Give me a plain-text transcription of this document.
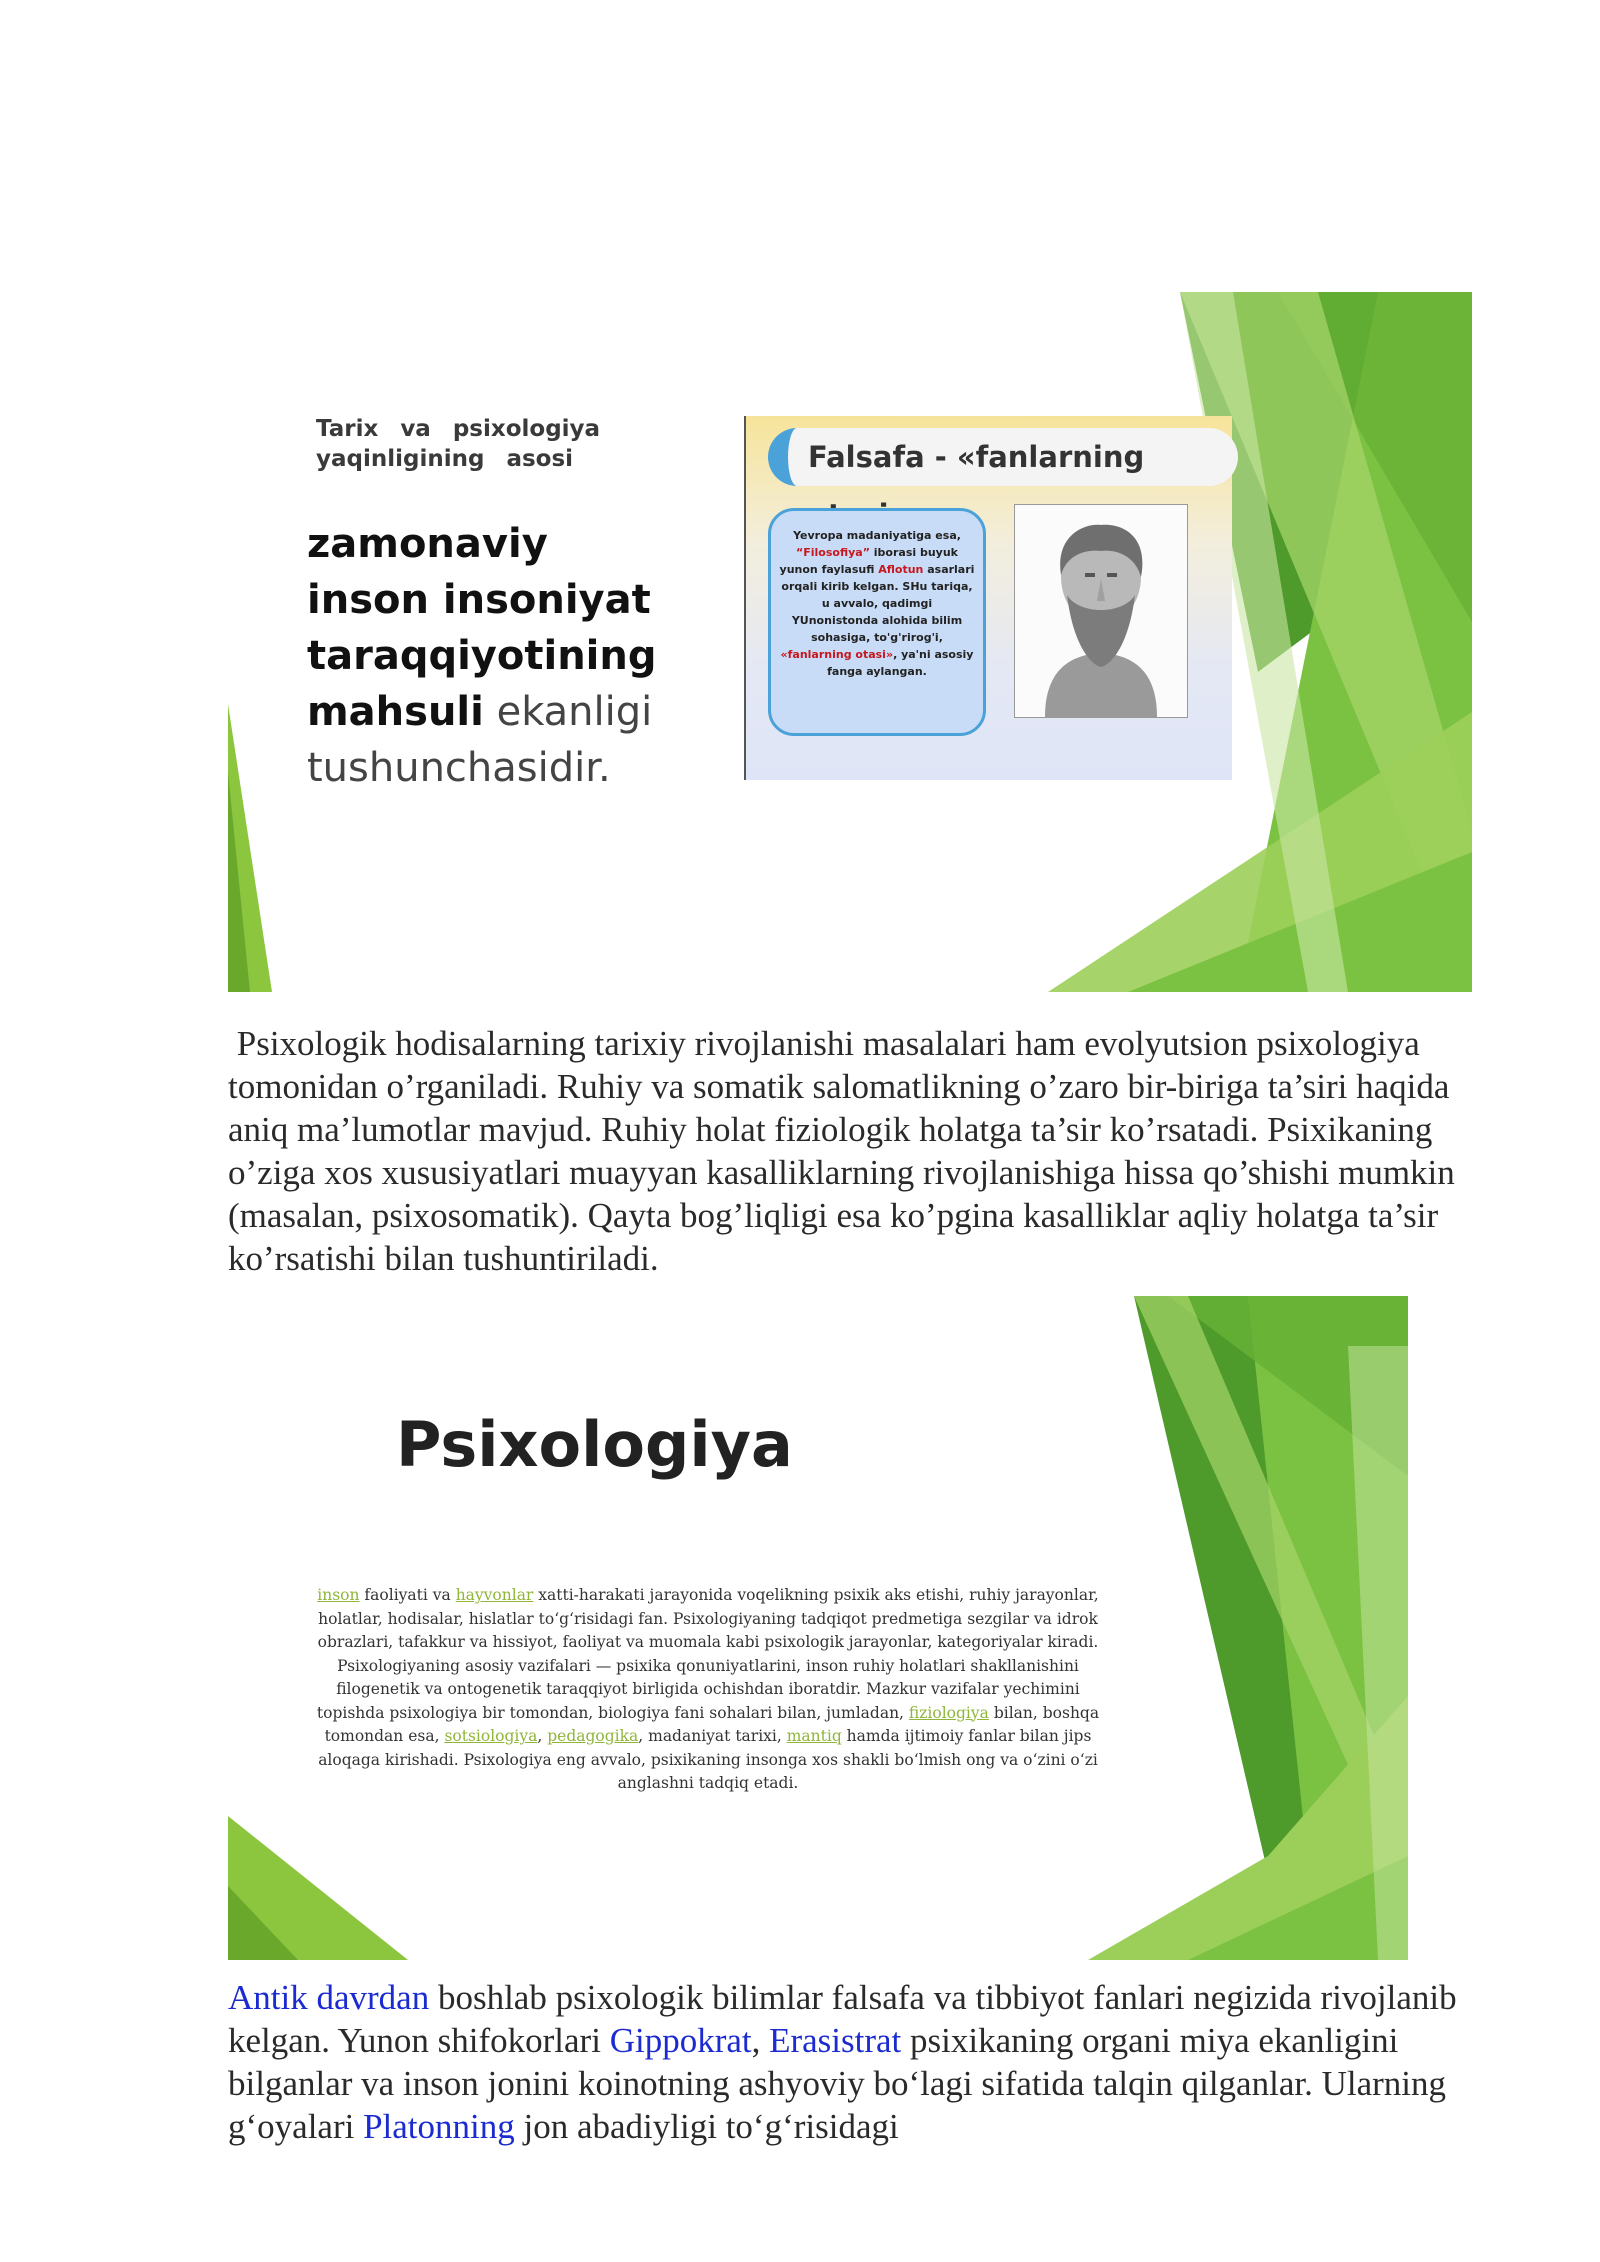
Tarix va psixologiya yaqinligining asosi
zamonaviy inson insoniyat taraqqiyotining mahsuli ekanligi tushunchasidir.
Falsafa - «fanlarning
Yevropa madaniyatiga esa, “Filosofiya” iborasi buyuk yunon faylasufi Aflotun asarlari orqali kirib kelgan. SHu tariqa, u avvalo, qadimgi YUnonistonda alohida bilim sohasiga, to'g'rirog'i, «fanlarning otasi», ya'ni asosiy fanga aylangan.
Psixologik hodisalarning tarixiy rivojlanishi masalalari ham evolyutsion psixologiya tomonidan o’rganiladi. Ruhiy va somatik salomatlikning o’zaro bir-biriga ta’siri haqida aniq ma’lumotlar mavjud. Ruhiy holat fiziologik holatga ta’sir ko’rsatadi. Psixikaning o’ziga xos xususiyatlari muayyan kasalliklarning rivojlanishiga hissa qo’shishi mumkin (masalan, psixosomatik). Qayta bog’liqligi esa ko’pgina kasalliklar aqliy holatga ta’sir ko’rsatishi bilan tushuntiriladi.
Psixologiya
inson faoliyati va hayvonlar xatti-harakati jarayonida voqelikning psixik aks etishi, ruhiy jarayonlar, holatlar, hodisalar, hislatlar to‘g‘risidagi fan. Psixologiyaning tadqiqot predmetiga sezgilar va idrok obrazlari, tafakkur va hissiyot, faoliyat va muomala kabi psixologik jarayonlar, kategoriyalar kiradi. Psixologiyaning asosiy vazifalari — psixika qonuniyatlarini, inson ruhiy holatlari shakllanishini filogenetik va ontogenetik taraqqiyot birligida ochishdan iboratdir. Mazkur vazifalar yechimini topishda psixologiya bir tomondan, biologiya fani sohalari bilan, jumladan, fiziologiya bilan, boshqa tomondan esa, sotsiologiya, pedagogika, madaniyat tarixi, mantiq hamda ijtimoiy fanlar bilan jips aloqaga kirishadi. Psixologiya eng avvalo, psixikaning insonga xos shakli bo‘lmish ong va o‘zini o‘zi anglashni tadqiq etadi.
Antik davrdan boshlab psixologik bilimlar falsafa va tibbiyot fanlari negizida rivojlanib kelgan. Yunon shifokorlari Gippokrat, Erasistrat psixikaning organi miya ekanligini bilganlar va inson jonini koinotning ashyoviy bo‘lagi sifatida talqin qilganlar. Ularning g‘oyalari Platonning jon abadiyligi to‘g‘risidagi
